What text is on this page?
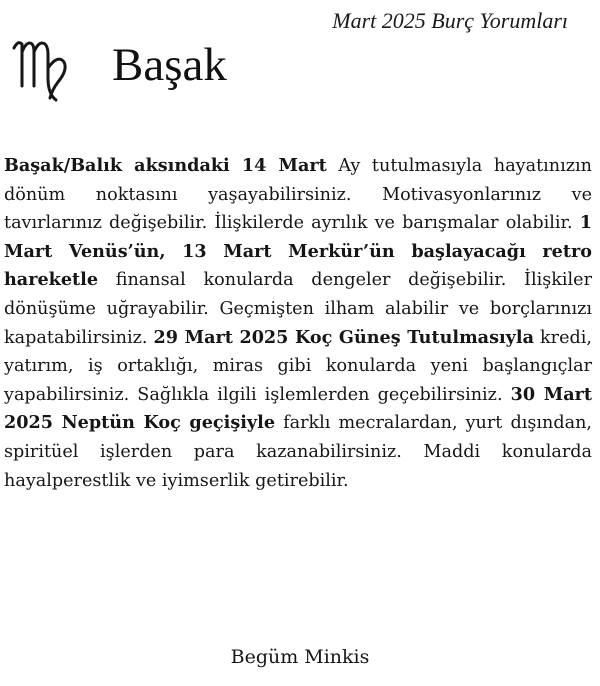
Mart 2025 Burç Yorumları
Başak

Başak/Balık aksındaki 14 Mart Ay tutulmasıyla hayatınızın dönüm noktasını yaşayabilirsiniz. Motivasyonlarınız ve tavırlarınız değişebilir. İlişkilerde ayrılık ve barışmalar olabilir. 1 Mart Venüs’ün, 13 Mart Merkür’ün başlayacağı retro hareketle finansal konularda dengeler değişebilir. İlişkiler dönüşüme uğrayabilir. Geçmişten ilham alabilir ve borçlarınızı kapatabilirsiniz. 29 Mart 2025 Koç Güneş Tutulmasıyla kredi, yatırım, iş ortaklığı, miras gibi konularda yeni başlangıçlar yapabilirsiniz. Sağlıkla ilgili işlemlerden geçebilirsiniz. 30 Mart 2025 Neptün Koç geçişiyle farklı mecralardan, yurt dışından, spiritüel işlerden para kazanabilirsiniz. Maddi konularda hayalperestlik ve iyimserlik getirebilir.

Begüm Minkis
